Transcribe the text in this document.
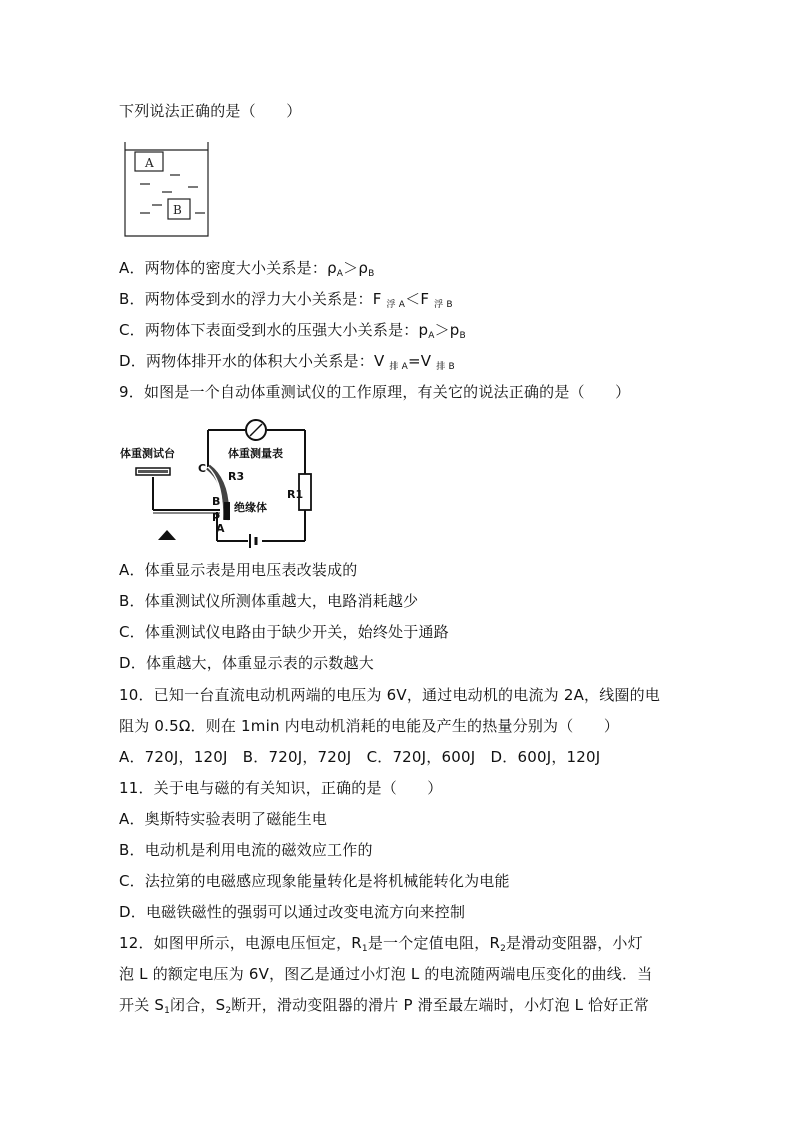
下列说法正确的是（　　）
A
B
A．两物体的密度大小关系是：$\rho_A>\rho_B$
B．两物体受到水的浮力大小关系是：F $_{浮 A}$＜F $_{浮 B}$
C．两物体下表面受到水的压强大小关系是：$p_A>p_B$
D．两物体排开水的体积大小关系是：V $_{排 A}$=V $_{排 B}$
9．如图是一个自动体重测试仪的工作原理，有关它的说法正确的是（　　）
体重测试台	体重测量表
R3
R1
C
B
P
A
绝缘体
A．体重显示表是用电压表改装成的
B．体重测试仪所测体重越大，电路消耗越少
C．体重测试仪电路由于缺少开关，始终处于通路
D．体重越大，体重显示表的示数越大
10．已知一台直流电动机两端的电压为 6V，通过电动机的电流为 2A，线圈的电
阻为 0.5Ω．则在 1min 内电动机消耗的电能及产生的热量分别为（　　）
A．720J，120J　B．720J，720J　C．720J，600J　D．600J，120J
11．关于电与磁的有关知识，正确的是（　　）
A．奥斯特实验表明了磁能生电
B．电动机是利用电流的磁效应工作的
C．法拉第的电磁感应现象能量转化是将机械能转化为电能
D．电磁铁磁性的强弱可以通过改变电流方向来控制
12．如图甲所示，电源电压恒定，$R_1$是一个定值电阻，$R_2$是滑动变阻器，小灯
泡 L 的额定电压为 6V，图乙是通过小灯泡 L 的电流随两端电压变化的曲线．当
开关 $S_1$闭合，$S_2$断开，滑动变阻器的滑片 P 滑至最左端时，小灯泡 L 恰好正常
